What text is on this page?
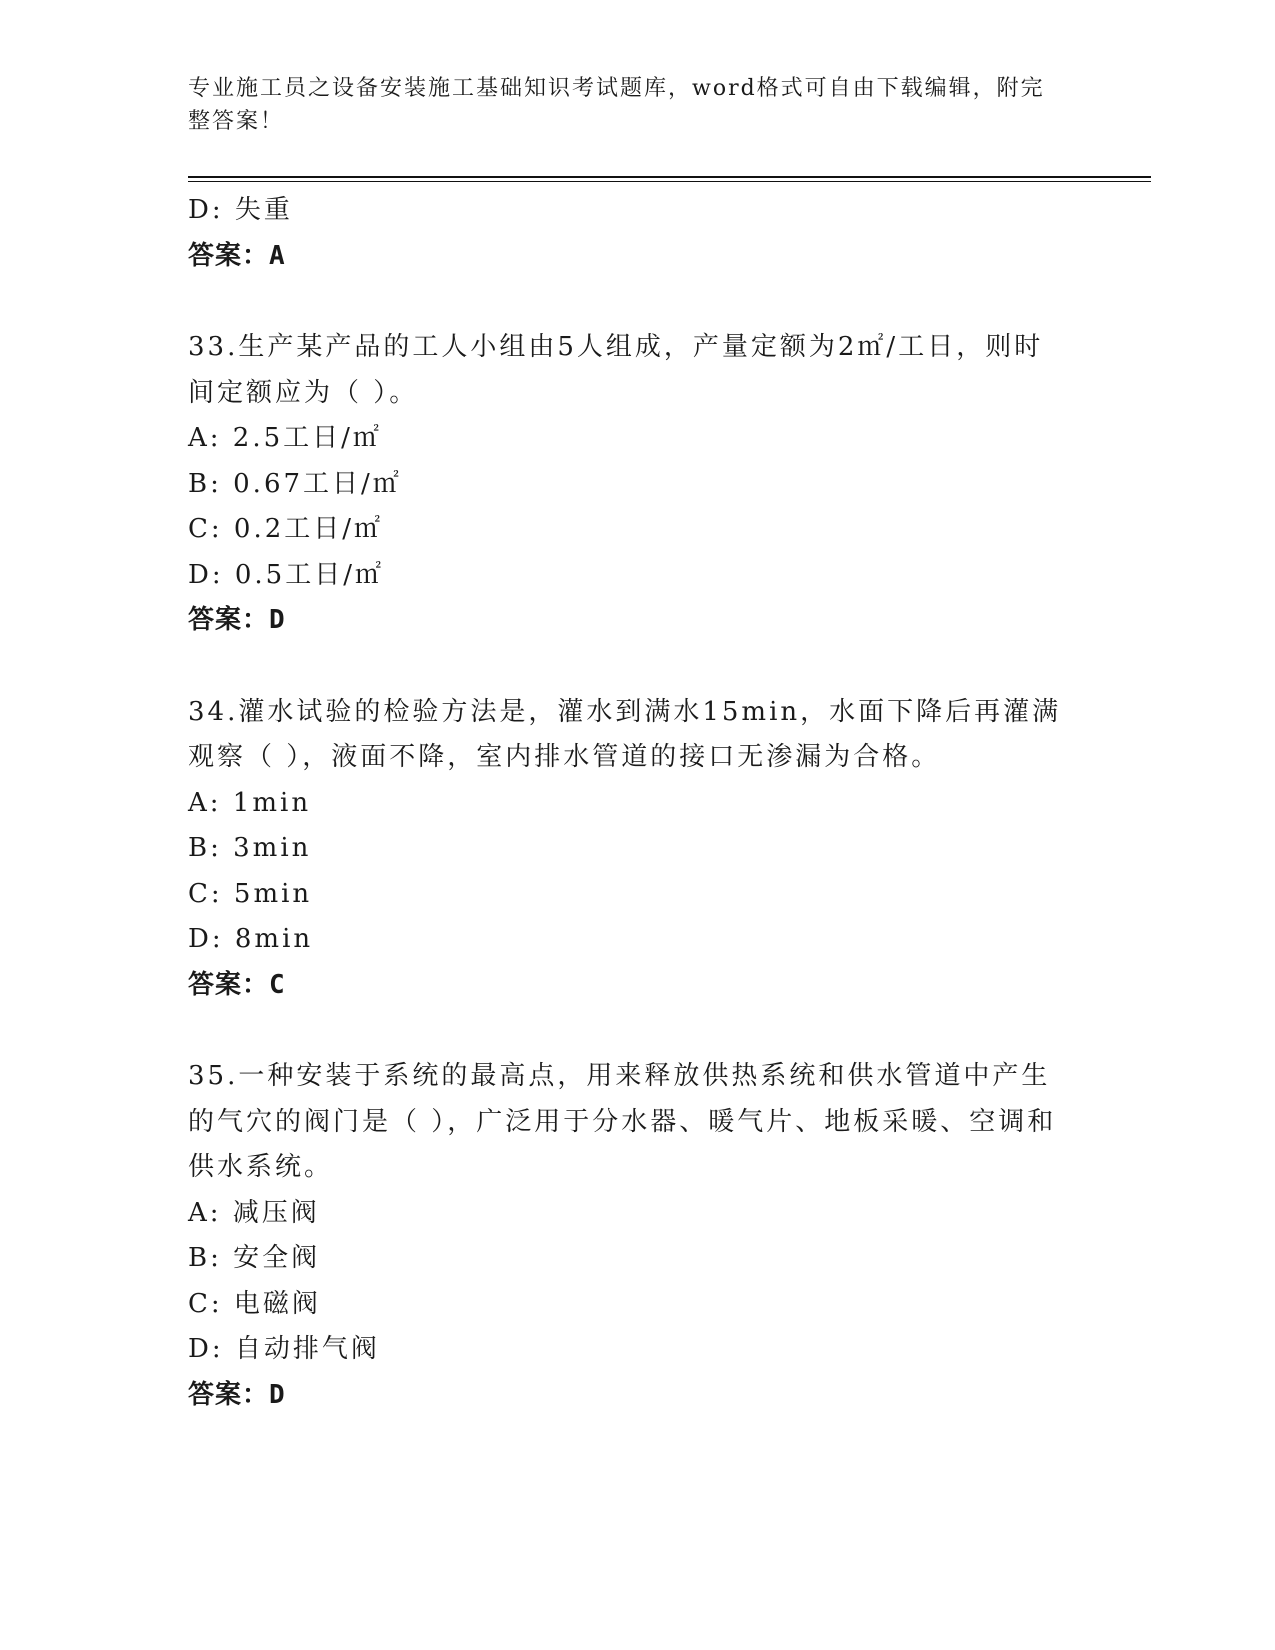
专业施工员之设备安装施工基础知识考试题库，word格式可自由下载编辑，附完整答案！
D: 失重
答案：A
33.生产某产品的工人小组由5人组成，产量定额为2㎡/工日，则时间定额应为（ ）。
A: 2.5工日/㎡
B: 0.67工日/㎡
C: 0.2工日/㎡
D: 0.5工日/㎡
答案：D
34.灌水试验的检验方法是，灌水到满水15min，水面下降后再灌满观察（ ），液面不降，室内排水管道的接口无渗漏为合格。
A: 1min
B: 3min
C: 5min
D: 8min
答案：C
35.一种安装于系统的最高点，用来释放供热系统和供水管道中产生的气穴的阀门是（ ），广泛用于分水器、暖气片、地板采暖、空调和供水系统。
A: 减压阀
B: 安全阀
C: 电磁阀
D: 自动排气阀
答案：D
